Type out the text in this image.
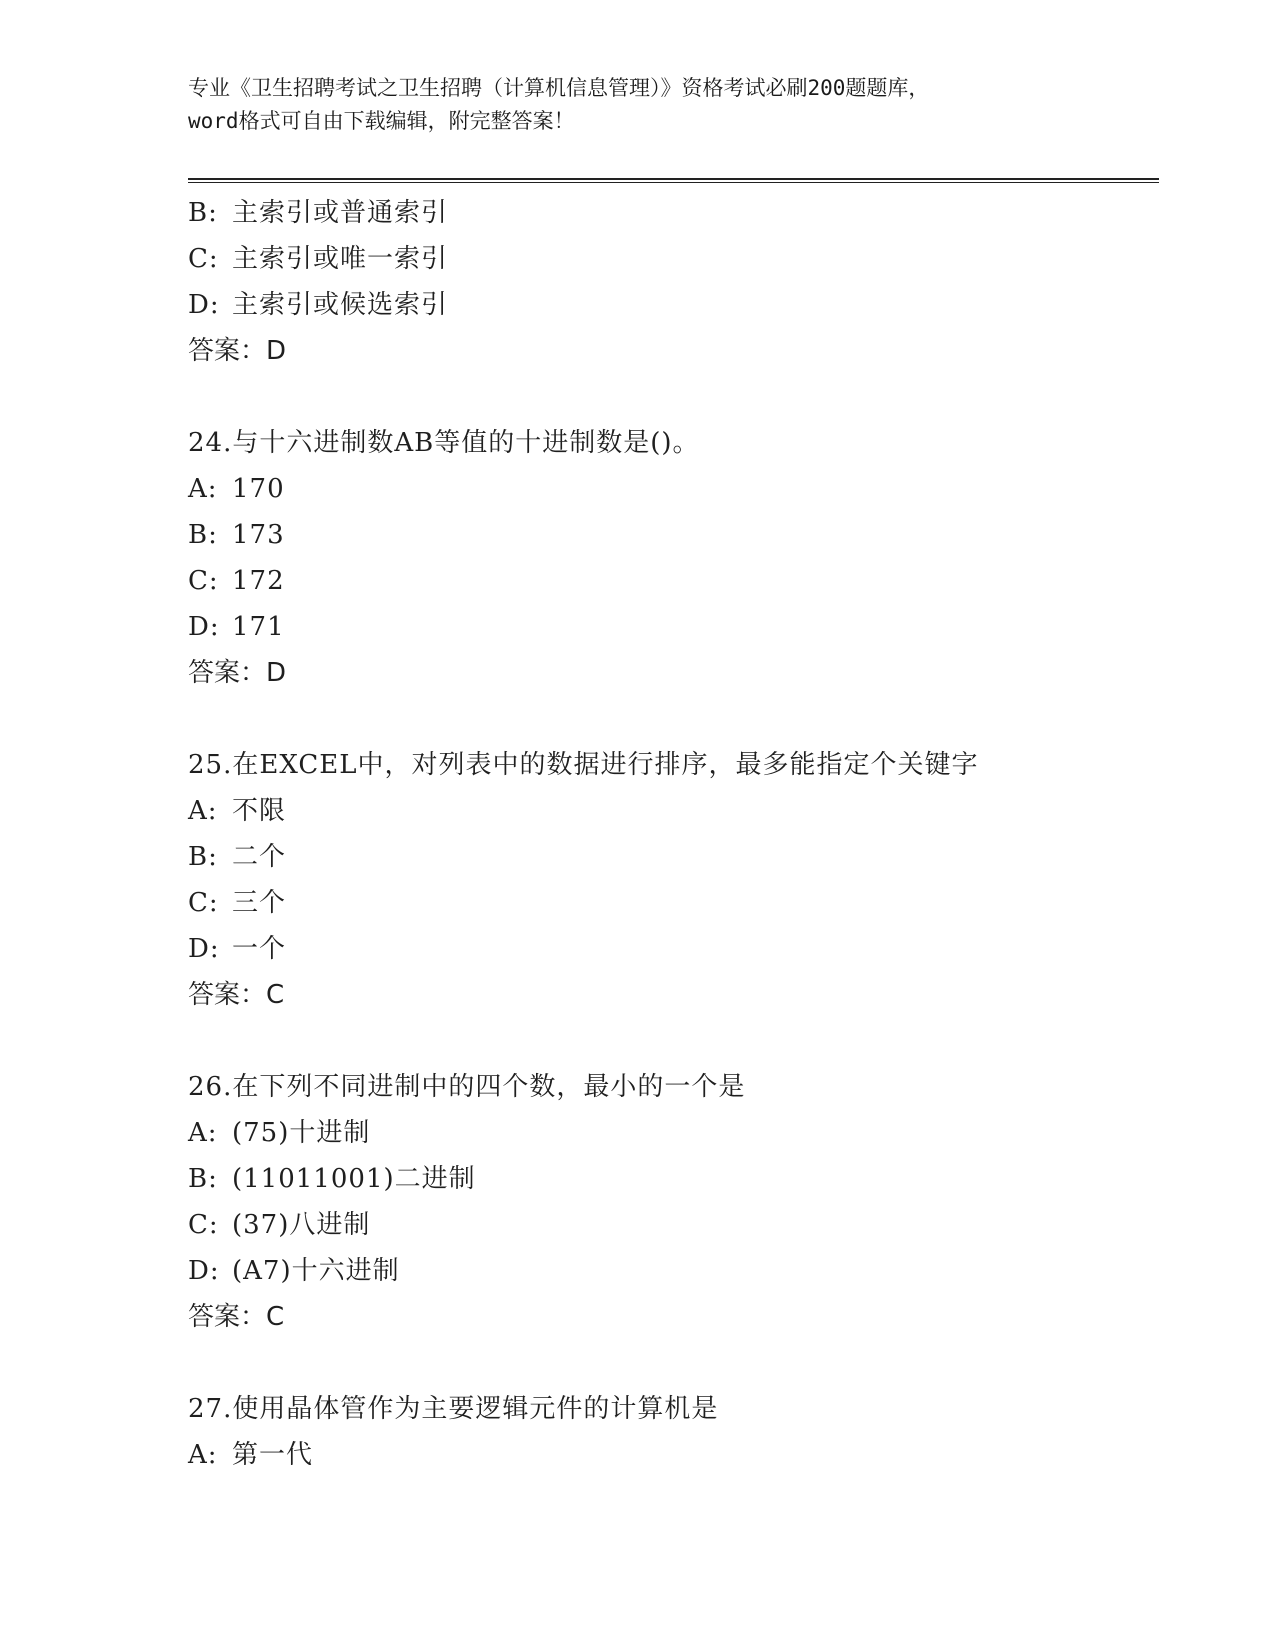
专业《卫生招聘考试之卫生招聘（计算机信息管理）》资格考试必刷200题题库，
word格式可自由下载编辑，附完整答案！
B: 主索引或普通索引
C: 主索引或唯一索引
D: 主索引或候选索引
答案：D
24.与十六进制数AB等值的十进制数是()。
A: 170
B: 173
C: 172
D: 171
答案：D
25.在EXCEL中，对列表中的数据进行排序，最多能指定个关键字
A: 不限
B: 二个
C: 三个
D: 一个
答案：C
26.在下列不同进制中的四个数，最小的一个是
A: (75)十进制
B: (11011001)二进制
C: (37)八进制
D: (A7)十六进制
答案：C
27.使用晶体管作为主要逻辑元件的计算机是
A: 第一代
